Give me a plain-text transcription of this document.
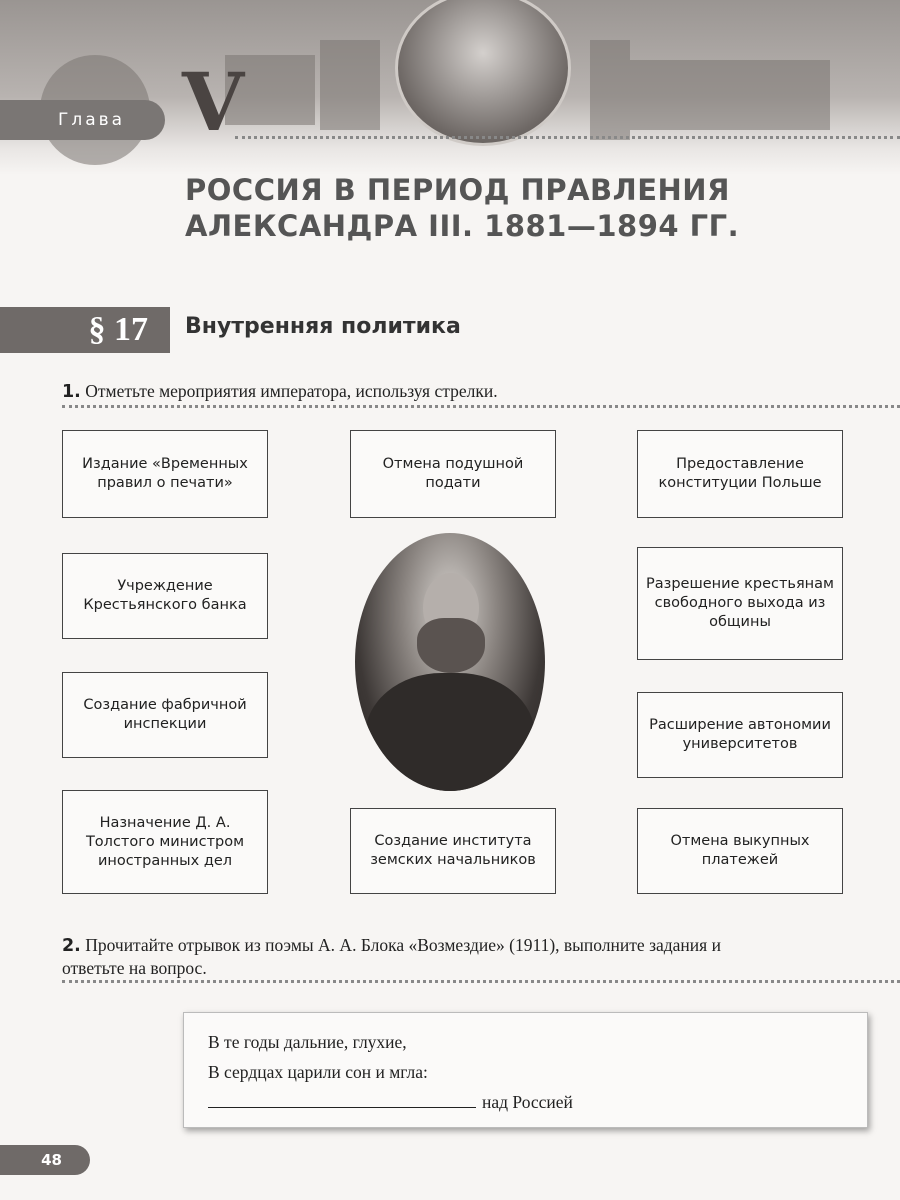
Глава V
РОССИЯ В ПЕРИОД ПРАВЛЕНИЯ
АЛЕКСАНДРА III. 1881—1894 ГГ.
§ 17	Внутренняя политика
1. Отметьте мероприятия императора, используя стрелки.
Издание «Временных правил о печати»
Отмена подушной подати
Предоставление конституции Польше
Учреждение Крестьянского банка
Разрешение крестьянам свободного выхода из общины
Создание фабричной инспекции	Расширение автономии университетов
Назначение Д. А. Толстого министром иностранных дел
Создание института земских начальников
Отмена выкупных платежей
2. Прочитайте отрывок из поэмы А. А. Блока «Возмездие» (1911), выполните задания и ответьте на вопрос.
В те годы дальние, глухие,
В сердцах царили сон и мгла:
над Россией
48
